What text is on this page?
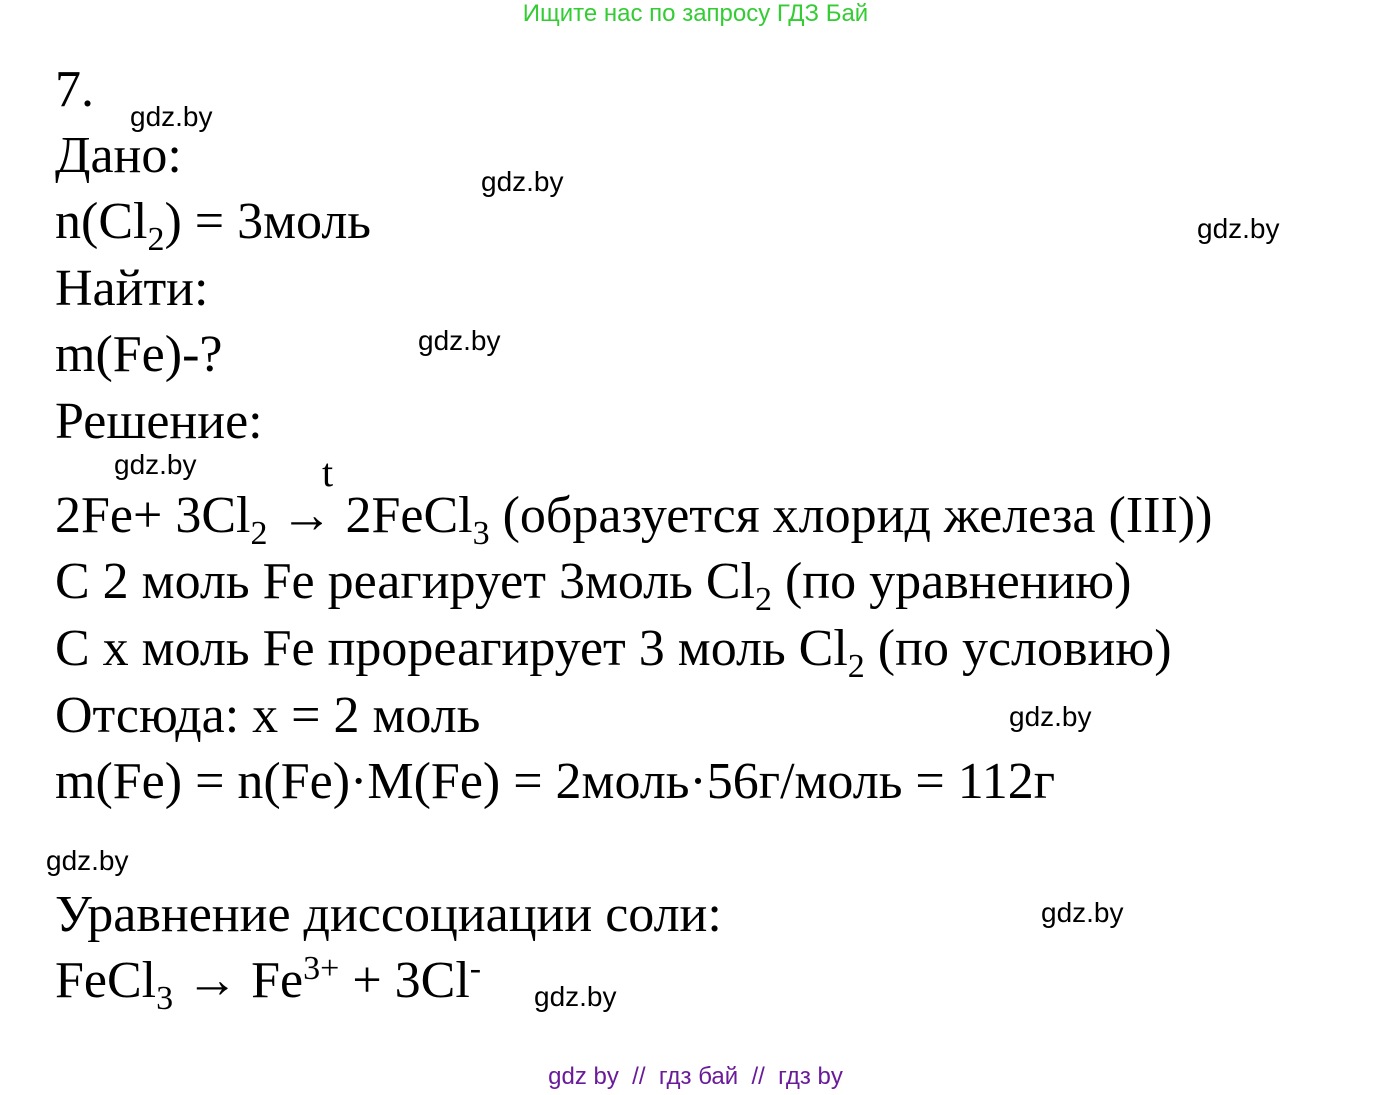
Ищите нас по запросу ГДЗ Бай
7.
Дано:
$n(Cl_2)$ = 3моль
Найти:
m(Fe)-?
Решение:
t
$2Fe+ 3Cl_2$ → 2FeCl$_3$ (образуется хлорид железа (III))
С 2 моль Fe реагирует 3моль $Cl_2$ (по уравнению)
С x моль Fe прореагирует 3 моль $Cl_2$ (по условию)
Отсюда: x = 2 моль
m(Fe) = n(Fe)·M(Fe) = 2моль·56г/моль = 112г
Уравнение диссоциации соли:
FeCl$_3$ → $Fe^{3+} + 3Cl^-$
gdz.by
gdz.by
gdz.by
gdz.by
gdz.by
gdz.by
gdz.by
gdz.by
gdz.by
gdz by  //  гдз бай  //  гдз by
